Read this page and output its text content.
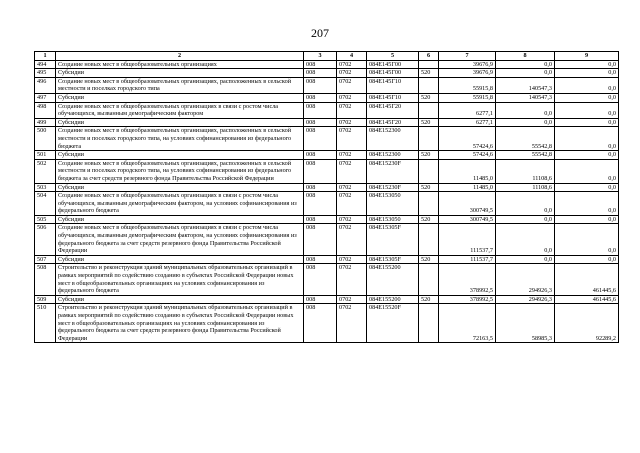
207
1	2	3	4	5	6	7	8	9
494	Создание новых мест в общеобразовательных организациях	008	0702	084E145Г00		39676,9	0,0	0,0
495	Субсидии	008	0702	084E145Г00	520	39676,9	0,0	0,0
496	Создание новых мест в общеобразовательных организациях, расположенных в сельской местности и поселках городского типа	008	0702	084E145Г10		55915,8	140547,3	0,0
497	Субсидии	008	0702	084E145Г10	520	55915,8	140547,3	0,0
498	Создание новых мест в общеобразовательных организациях в связи с ростом числа обучающихся, вызванным демографическим фактором	008	0702	084E145Г20		6277,1	0,0	0,0
499	Субсидии	008	0702	084E145Г20	520	6277,1	0,0	0,0
500	Создание новых мест в общеобразовательных организациях, расположенных в сельской местности и поселках городского типа, на условиях софинансирования из федерального бюджета	008	0702	084E152300		57424,6	55542,8	0,0
501	Субсидии	008	0702	084E152300	520	57424,6	55542,8	0,0
502	Создание новых мест в общеобразовательных организациях, расположенных в сельской местности и поселках городского типа, на условиях софинансирования из федерального бюджета за счет средств резервного фонда Правительства Российской Федерации	008	0702	084E15230F		11485,0	11108,6	0,0
503	Субсидии	008	0702	084E15230F	520	11485,0	11108,6	0,0
504	Создание новых мест в общеобразовательных организациях в связи с ростом числа обучающихся, вызванным демографическим фактором, на условиях софинансирования из федерального бюджета	008	0702	084E153050		300749,5	0,0	0,0
505	Субсидии	008	0702	084E153050	520	300749,5	0,0	0,0
506	Создание новых мест в общеобразовательных организациях в связи с ростом числа обучающихся, вызванным демографическим фактором, на условиях софинансирования из федерального бюджета за счет средств резервного фонда Правительства Российской Федерации	008	0702	084E15305F		111537,7	0,0	0,0
507	Субсидии	008	0702	084E15305F	520	111537,7	0,0	0,0
508	Строительство и реконструкция зданий муниципальных образовательных организаций в рамках мероприятий по содействию созданию в субъектах Российской Федерации новых мест в общеобразовательных организациях на условиях софинансирования из федерального бюджета	008	0702	084E155200		378992,5	294926,3	461445,6
509	Субсидии	008	0702	084E155200	520	378992,5	294926,3	461445,6
510	Строительство и реконструкция зданий муниципальных образовательных организаций в рамках мероприятий по содействию созданию в субъектах Российской Федерации новых мест в общеобразовательных организациях на условиях софинансирования из федерального бюджета за счет средств резервного фонда Правительства Российской Федерации	008	0702	084E15520F		72163,5	58985,3	92289,2
